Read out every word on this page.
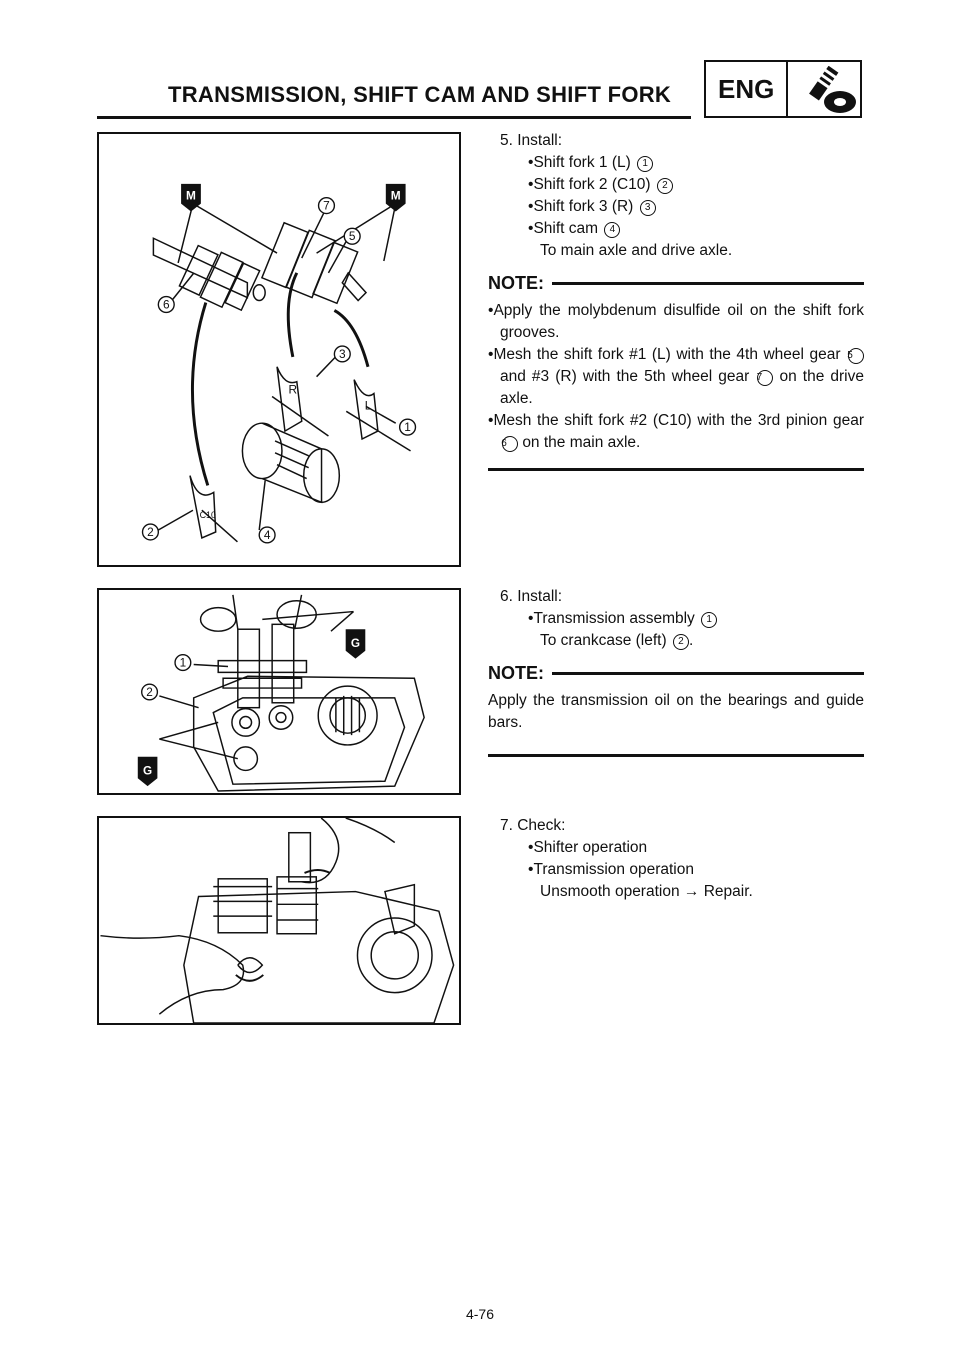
TRANSMISSION, SHIFT CAM AND SHIFT FORK ENG
M	M
R
L
C10
1
2
3
4
5
6
7
G
G
1
2
5. Install:
•Shift fork 1 (L) 1
•Shift fork 2 (C10) 2
•Shift fork 3 (R) 3
•Shift cam 4
To main axle and drive axle.
NOTE:
•Apply the molybdenum disulfide oil on the shift fork grooves.
•Mesh the shift fork #1 (L) with the 4th wheel gear 5 and #3 (R) with the 5th wheel gear 7 on the drive axle.
•Mesh the shift fork #2 (C10) with the 3rd pinion gear 6 on the main axle.
6. Install:
•Transmission assembly 1
To crankcase (left) 2 .
NOTE:
Apply the transmission oil on the bearings and guide bars.
7. Check:
•Shifter operation
•Transmission operation
Unsmooth operation → Repair.
4-76
